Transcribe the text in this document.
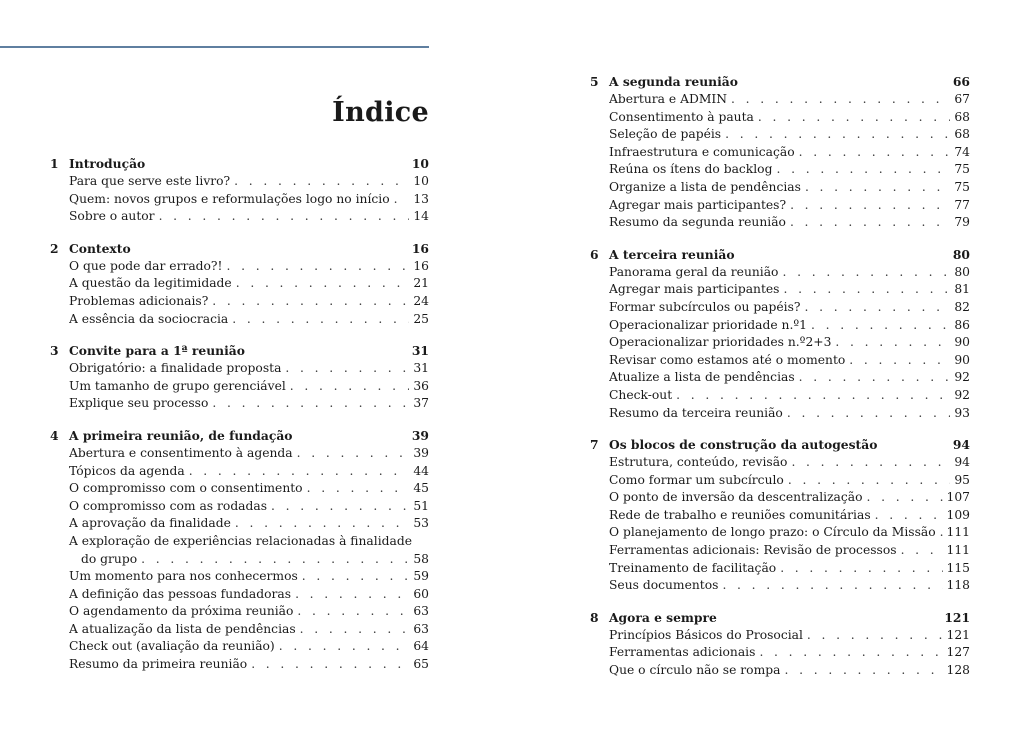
Índice
1 Introdução	10
Para que serve este livro? . . .	10
Quem: novos grupos e reformulações logo no início . . . 13
Sobre o autor . . .	14
2 Contexto	16
O que pode dar errado?! . . .	16
A questão da legitimidade . . .	21
Problemas adicionais? . . .	24
A essência da sociocracia . . .	25
3 Convite para a 1ª reunião	31
Obrigatório: a finalidade proposta . . .	31
Um tamanho de grupo gerenciável . . .	36
Explique seu processo . . .	37
4 A primeira reunião, de fundação	39
Abertura e consentimento à agenda . . .	39
Tópicos da agenda . . .	44
O compromisso com o consentimento . . .	45
O compromisso com as rodadas . . .	51
A aprovação da finalidade . . .	53
A exploração de experiências relacionadas à finalidade
do grupo . . .	58
Um momento para nos conhecermos . . .	59
A definição das pessoas fundadoras . . .	60
O agendamento da próxima reunião . . .	63
A atualização da lista de pendências . . .	63
Check out (avaliação da reunião) . . .	64
Resumo da primeira reunião . . .	65
5 A segunda reunião	66
Abertura e ADMIN . . .	67
Consentimento à pauta . . .	68
Seleção de papéis . . .	68
Infraestrutura e comunicação . . .	74
Reúna os ítens do backlog . . .	75
Organize a lista de pendências . . .	75
Agregar mais participantes? . . .	77
Resumo da segunda reunião . . .	79
6 A terceira reunião	80
Panorama geral da reunião . . .	80
Agregar mais participantes . . .	81
Formar subcírculos ou papéis? . . .	82
Operacionalizar prioridade n.º1 . . .	86
Operacionalizar prioridades n.º2+3 . . .	90
Revisar como estamos até o momento . . .	90
Atualize a lista de pendências . . .	92
Check-out . . .	92
Resumo da terceira reunião . . .	93
7 Os blocos de construção da autogestão	94
Estrutura, conteúdo, revisão . . .	94
Como formar um subcírculo . . .	95
O ponto de inversão da descentralização . . .	107
Rede de trabalho e reuniões comunitárias . . .	109
O planejamento de longo prazo: o Círculo da Missão . . . 111
Ferramentas adicionais: Revisão de processos . . .	111
Treinamento de facilitação . . .	115
Seus documentos . . .	118
8 Agora e sempre	121
Princípios Básicos do Prosocial . . .	121
Ferramentas adicionais . . .	127
Que o círculo não se rompa . . .	128
